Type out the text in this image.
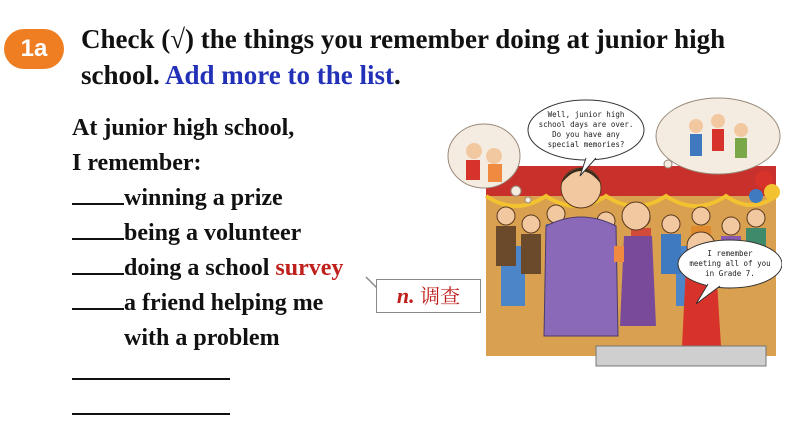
1a	Check (√) the things you remember doing at junior high school. Add more to the list.
At junior high school,
I remember:
winning a prize
being a volunteer
doing a school survey
a friend helping me
with a problem
n. 调查
Well, junior high
school days are over.
Do you have any
special memories?
I remember
meeting all of you
in Grade 7.
